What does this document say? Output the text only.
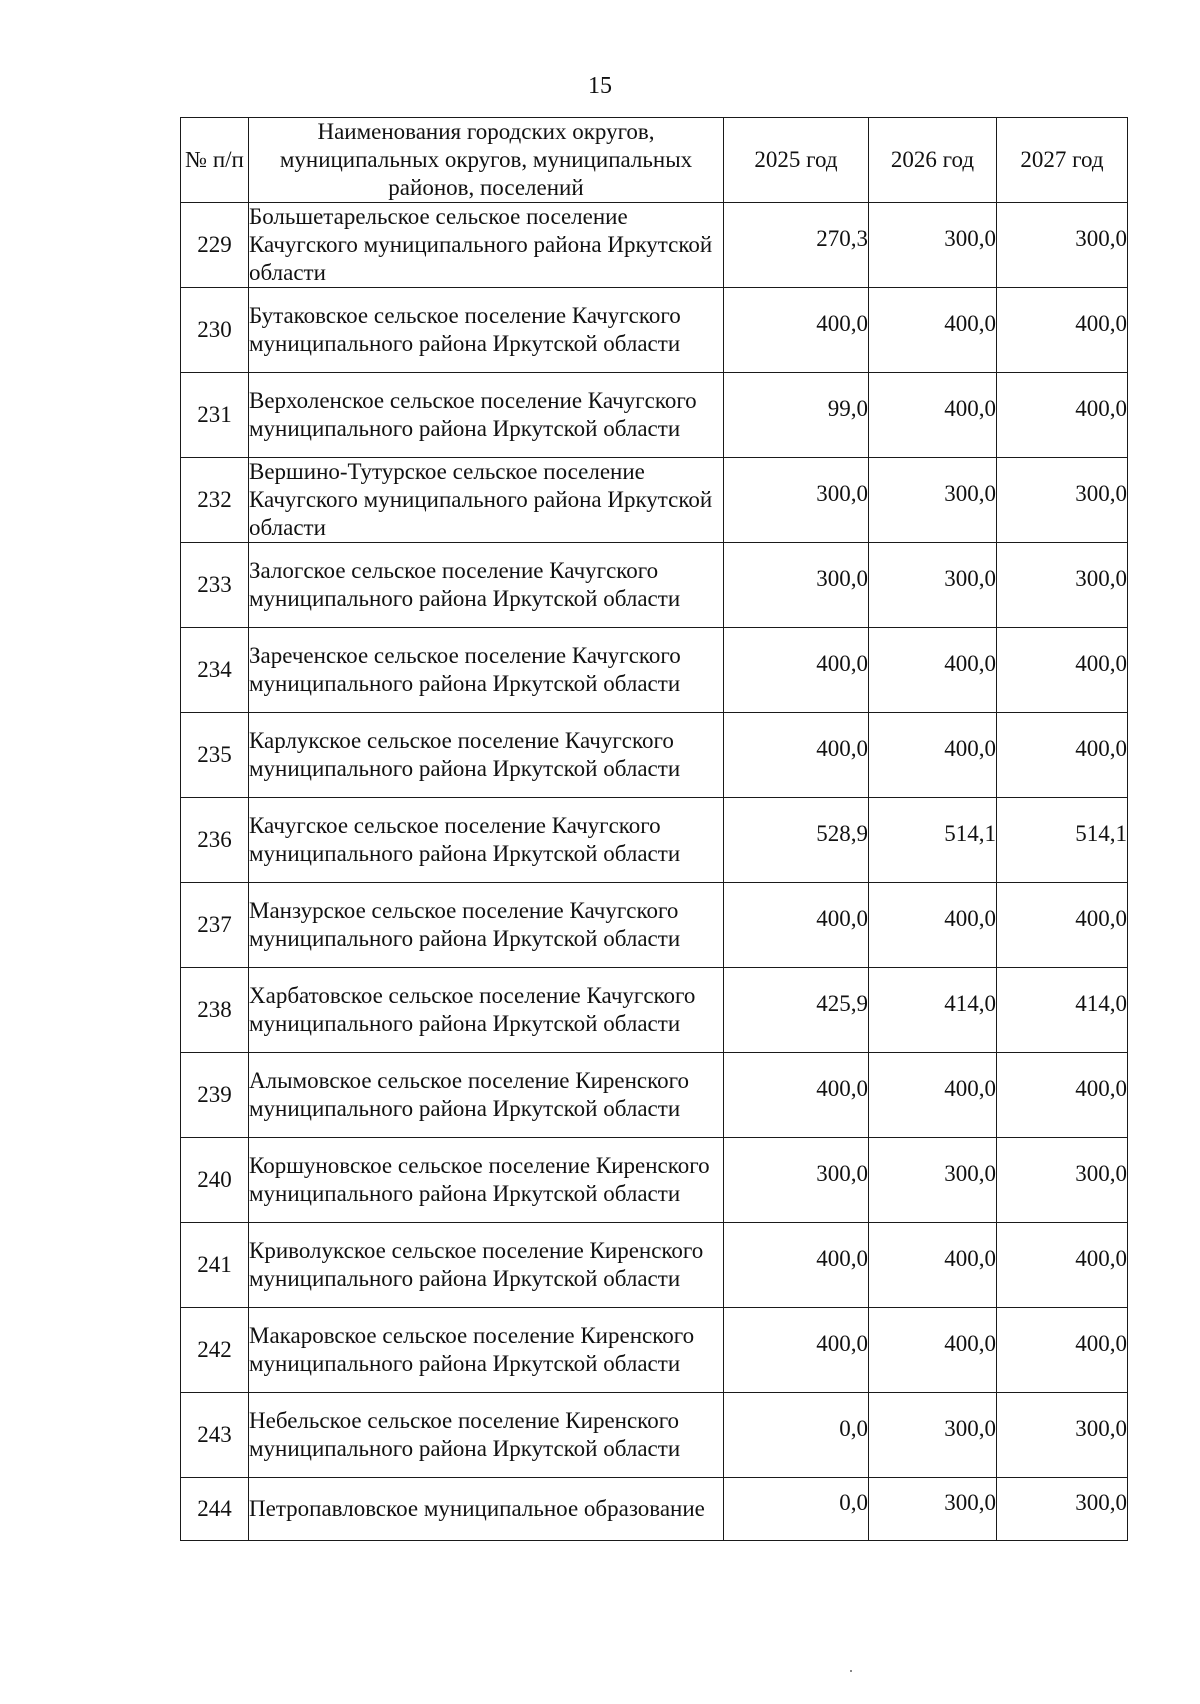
15
№ п/п	Наименования городских округов, муниципальных округов, муниципальных районов, поселений	2025 год	2026 год	2027 год
229	Большетарельское сельское поселение Качугского муниципального района Иркутской области	270,3	300,0	300,0
230	Бутаковское сельское поселение Качугского муниципального района Иркутской области	400,0	400,0	400,0
231	Верхоленское сельское поселение Качугского муниципального района Иркутской области	99,0	400,0	400,0
232	Вершино-Тутурское сельское поселение Качугского муниципального района Иркутской области	300,0	300,0	300,0
233	Залогское сельское поселение Качугского муниципального района Иркутской области	300,0	300,0	300,0
234	Зареченское сельское поселение Качугского муниципального района Иркутской области	400,0	400,0	400,0
235	Карлукское сельское поселение Качугского муниципального района Иркутской области	400,0	400,0	400,0
236	Качугское сельское поселение Качугского муниципального района Иркутской области	528,9	514,1	514,1
237	Манзурское сельское поселение Качугского муниципального района Иркутской области	400,0	400,0	400,0
238	Харбатовское сельское поселение Качугского муниципального района Иркутской области	425,9	414,0	414,0
239	Алымовское сельское поселение Киренского муниципального района Иркутской области	400,0	400,0	400,0
240	Коршуновское сельское поселение Киренского муниципального района Иркутской области	300,0	300,0	300,0
241	Криволукское сельское поселение Киренского муниципального района Иркутской области	400,0	400,0	400,0
242	Макаровское сельское поселение Киренского муниципального района Иркутской области	400,0	400,0	400,0
243	Небельское сельское поселение Киренского муниципального района Иркутской области	0,0	300,0	300,0
244	Петропавловское муниципальное образование	0,0	300,0	300,0
